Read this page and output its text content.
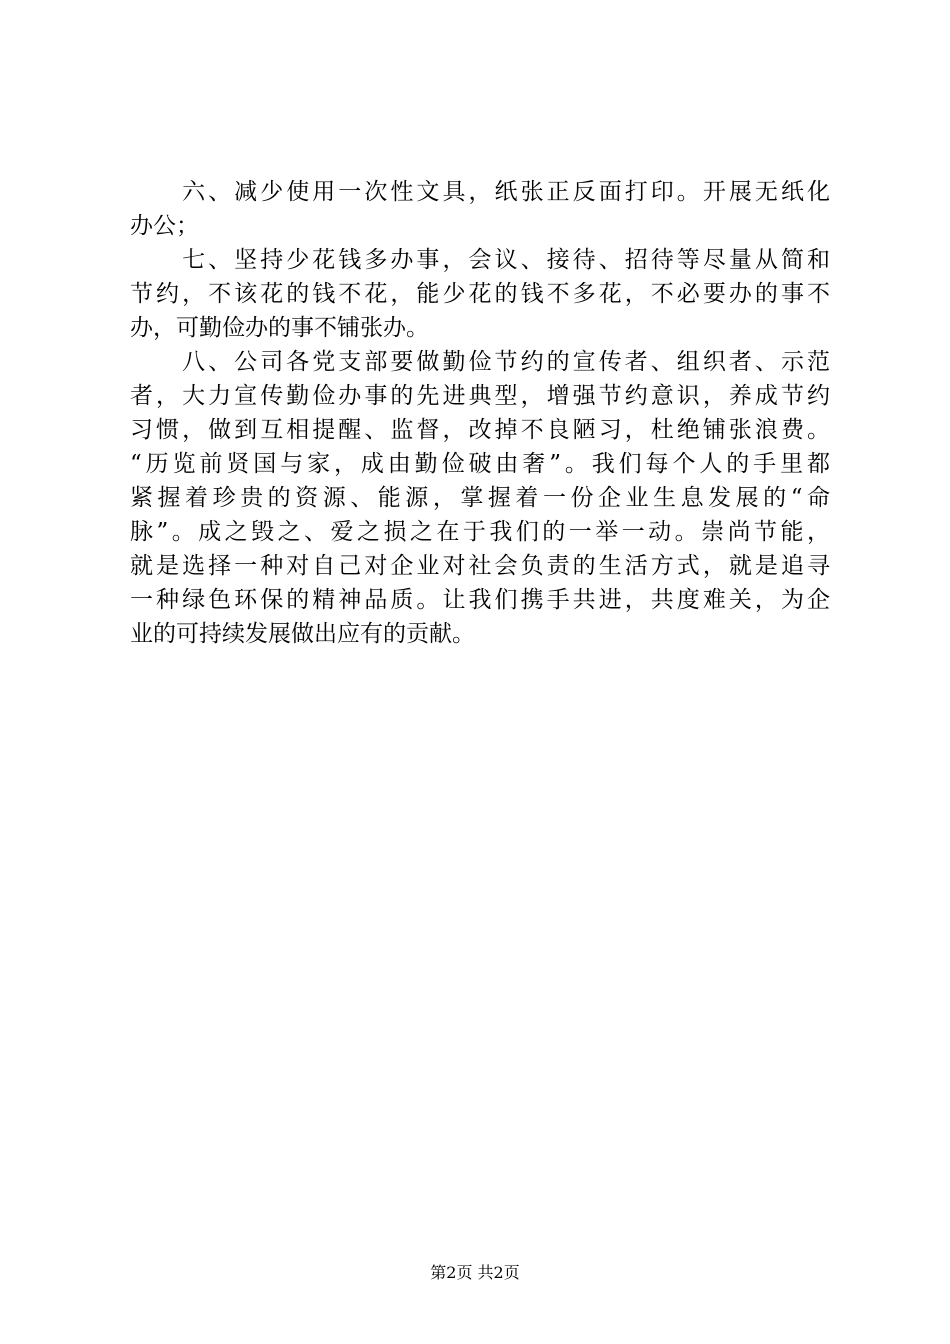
　　六、减少使用一次性文具，纸张正反面打印。开展无纸化
办公；
　　七、坚持少花钱多办事，会议、接待、招待等尽量从简和
节约，不该花的钱不花，能少花的钱不多花，不必要办的事不
办，可勤俭办的事不铺张办。
　　八、公司各党支部要做勤俭节约的宣传者、组织者、示范
者，大力宣传勤俭办事的先进典型，增强节约意识，养成节约
习惯，做到互相提醒、监督，改掉不良陋习，杜绝铺张浪费。
“历览前贤国与家，成由勤俭破由奢”。我们每个人的手里都
紧握着珍贵的资源、能源，掌握着一份企业生息发展的“命
脉”。成之毁之、爱之损之在于我们的一举一动。崇尚节能，
就是选择一种对自己对企业对社会负责的生活方式，就是追寻
一种绿色环保的精神品质。让我们携手共进，共度难关，为企
业的可持续发展做出应有的贡献。
第2页 共2页
